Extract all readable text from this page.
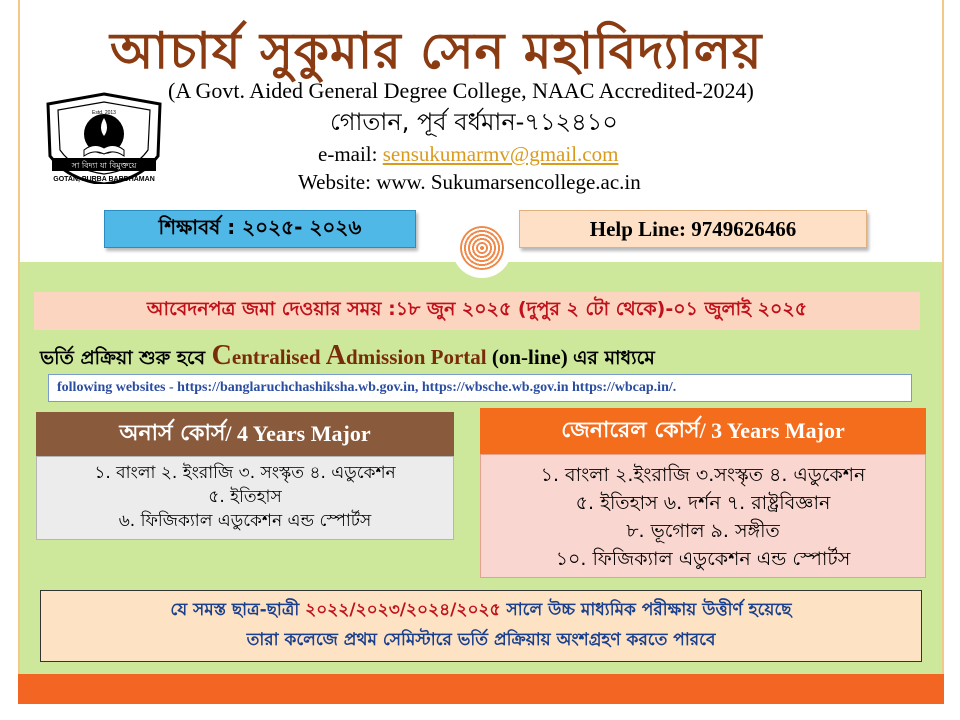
আচার্য সুকুমার সেন মহাবিদ্যালয়
(A Govt. Aided General Degree College, NAAC Accredited-2024)
গোতান, পূর্ব বর্ধমান-৭১২৪১০
e-mail: sensukumarmv@gmail.com
Website: www. Sukumarsencollege.ac.in
Estd. 2013
সা বিদ্যা যা বিমুক্তয়ে
GOTAN, PURBA BARDHAMAN
শিক্ষাবর্ষ : ২০২৫- ২০২৬	Help Line: 9749626466
আবেদনপত্র জমা দেওয়ার সময় :১৮ জুন ২০২৫ (দুপুর ২ টো থেকে)-০১ জুলাই ২০২৫
ভর্তি প্রক্রিয়া শুরু হবে Centralised Admission Portal (on-line) এর মাধ্যমে
following websites - https://banglaruchchashiksha.wb.gov.in, https://wbsche.wb.gov.in https://wbcap.in/.
অনার্স কোর্স / 4 Years Major
১. বাংলা ২. ইংরাজি ৩. সংস্কৃত ৪. এডুকেশন
৫. ইতিহাস
৬. ফিজিক্যাল এডুকেশন এন্ড স্পোর্টস
জেনারেল কোর্স / 3 Years Major
১. বাংলা ২.ইংরাজি ৩.সংস্কৃত ৪. এডুকেশন
৫. ইতিহাস ৬. দর্শন ৭. রাষ্ট্রবিজ্ঞান
৮. ভূগোল ৯. সঙ্গীত
১০. ফিজিক্যাল এডুকেশন এন্ড স্পোর্টস
যে সমস্ত ছাত্র-ছাত্রী ২০২২/২০২৩/২০২৪/২০২৫ সালে উচ্চ মাধ্যমিক পরীক্ষায় উত্তীর্ণ হয়েছে
তারা কলেজে প্রথম সেমিস্টারে ভর্তি প্রক্রিয়ায় অংশগ্রহণ করতে পারবে
